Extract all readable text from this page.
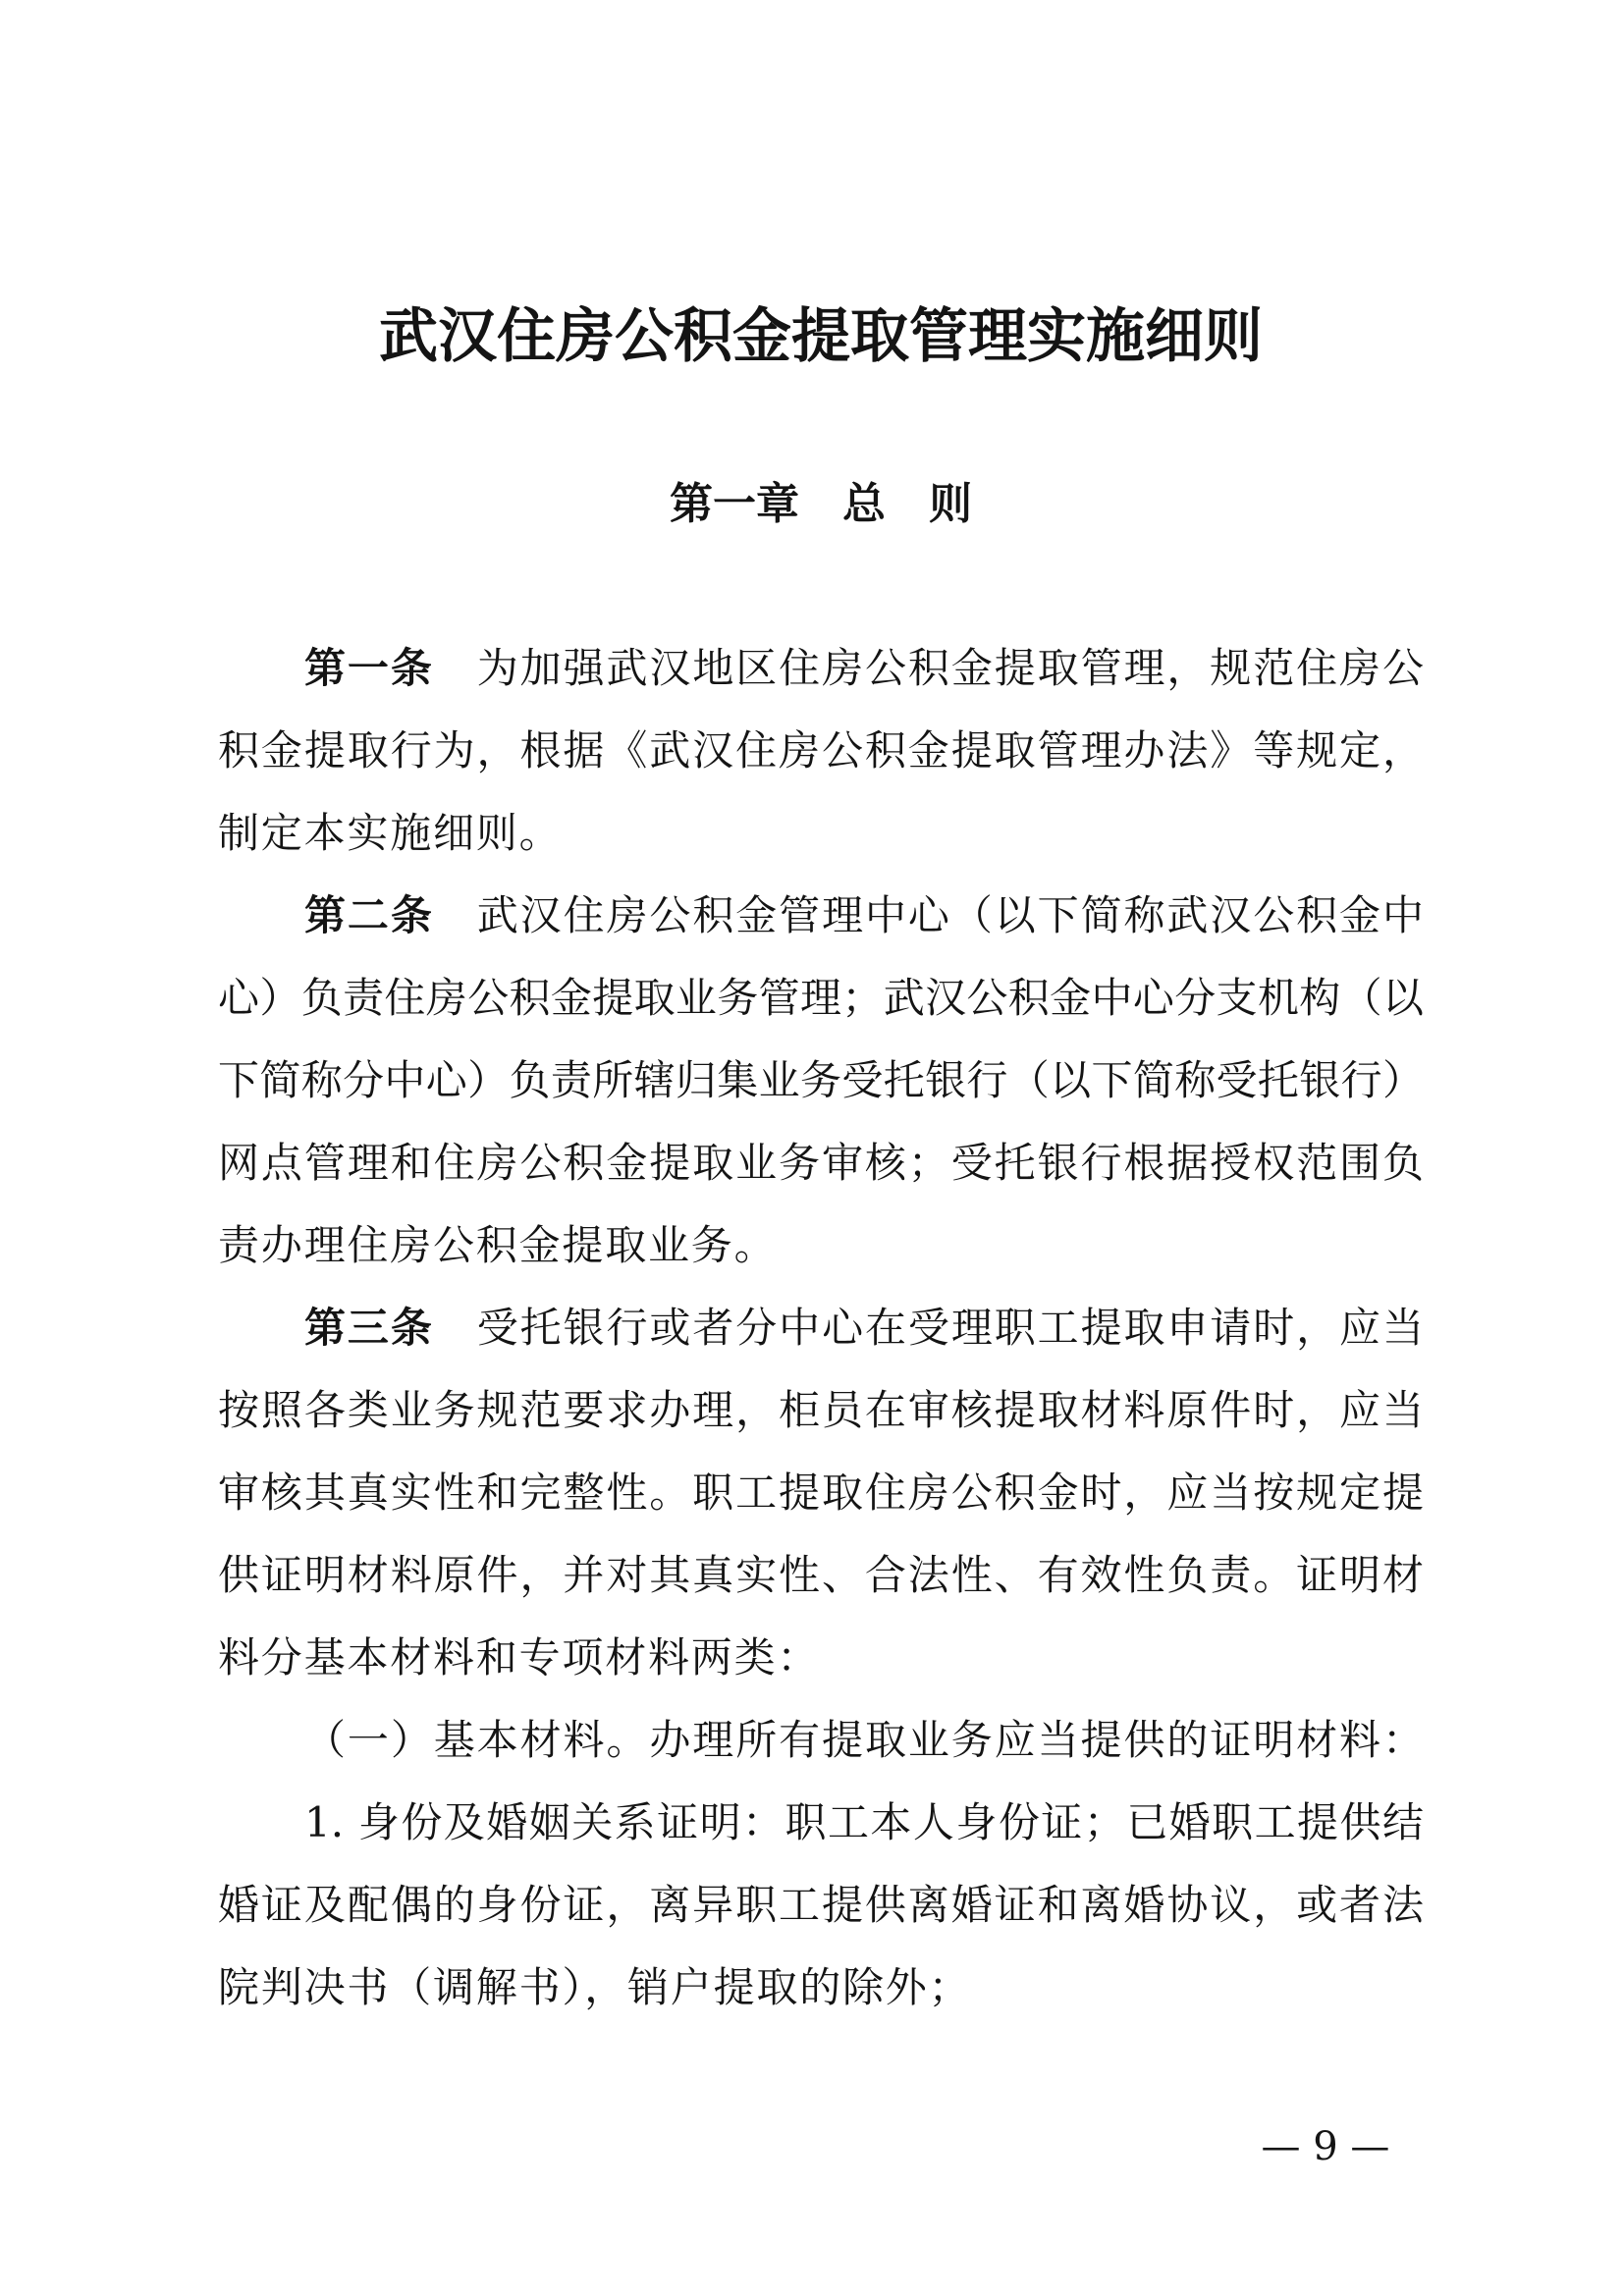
武汉住房公积金提取管理实施细则
第一章　总　则
第一条 为加强武汉地区住房公积金提取管理，规范住房公
积金提取行为，根据《武汉住房公积金提取管理办法》等规定，
制定本实施细则。
第二条 武汉住房公积金管理中心（以下简称武汉公积金中
心）负责住房公积金提取业务管理；武汉公积金中心分支机构（以
下简称分中心）负责所辖归集业务受托银行（以下简称受托银行）
网点管理和住房公积金提取业务审核；受托银行根据授权范围负
责办理住房公积金提取业务。
第三条 受托银行或者分中心在受理职工提取申请时，应当
按照各类业务规范要求办理，柜员在审核提取材料原件时，应当
审核其真实性和完整性。职工提取住房公积金时，应当按规定提
供证明材料原件，并对其真实性、合法性、有效性负责。证明材
料分基本材料和专项材料两类：
（一）基本材料。办理所有提取业务应当提供的证明材料：
1. 身份及婚姻关系证明：职工本人身份证；已婚职工提供结
婚证及配偶的身份证，离异职工提供离婚证和离婚协议，或者法
院判决书（调解书），销户提取的除外；
— 9 —
